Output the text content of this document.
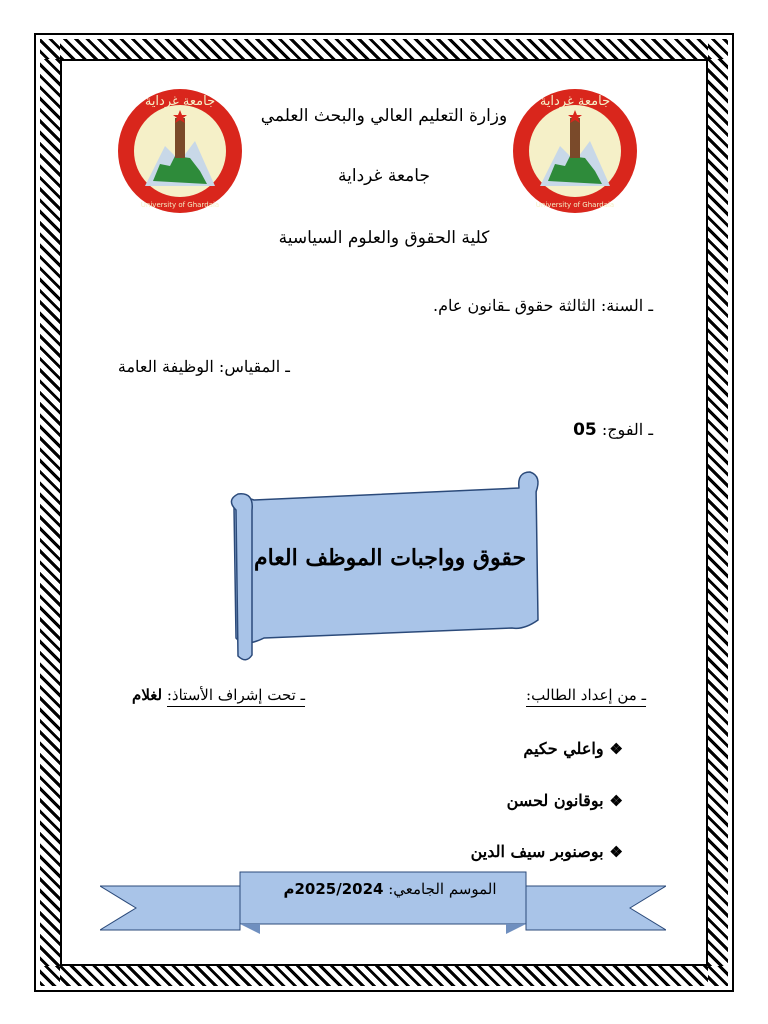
جامعة غرداية
University of Ghardaia
جامعة غرداية
University of Ghardaia
وزارة التعليم العالي والبحث العلمي
جامعة غرداية
كلية الحقوق والعلوم السياسية
ـ السنة: الثالثة حقوق ـقانون عام.
ـ المقياس: الوظيفة العامة
ـ الفوج: 05
حقوق وواجبات الموظف العام
ـ من إعداد الطالب:
ـ تحت إشراف الأستاذ: لغلام
❖واعلي حكيم
❖بوقانون لحسن
❖بوصنوبر سيف الدين
الموسم الجامعي: 2025/2024م
